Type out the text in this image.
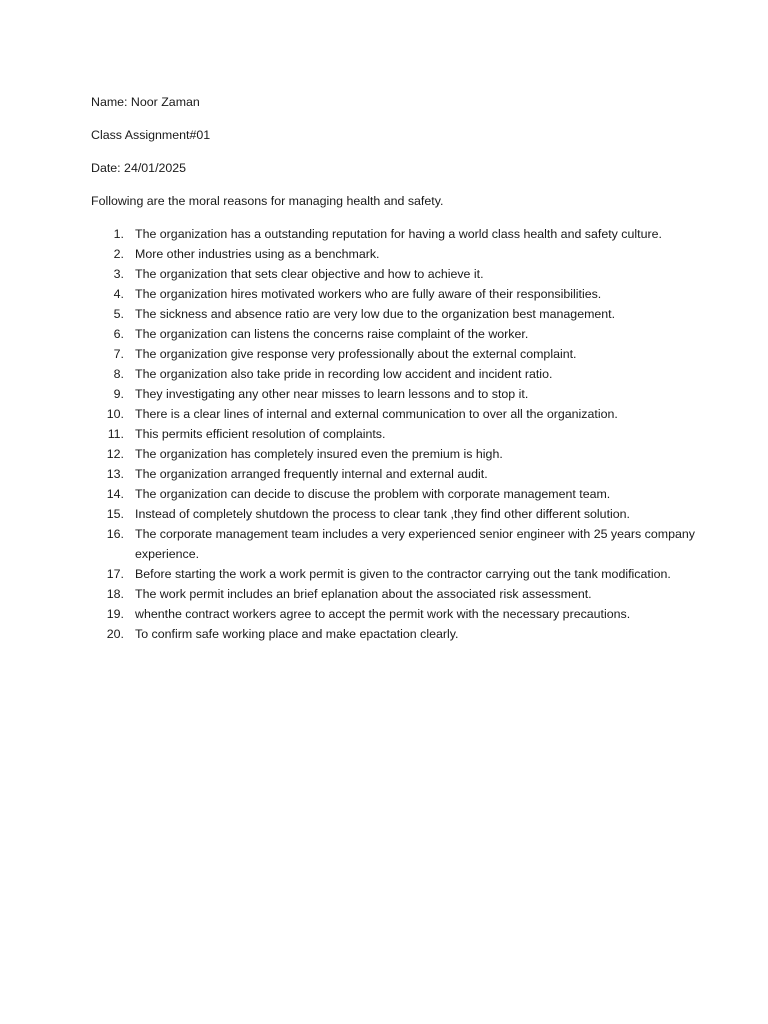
Name: Noor Zaman

Class Assignment#01

Date: 24/01/2025

Following are the moral reasons for managing health and safety.

1. The organization has a outstanding reputation for having a world class health and safety culture.
2. More other industries using as a benchmark.
3. The organization that sets clear objective and how to achieve it.
4. The organization hires motivated workers who are fully aware of their responsibilities.
5. The sickness and absence ratio are very low due to the organization best management.
6. The organization can listens the concerns raise complaint of the worker.
7. The organization give response very professionally about the external complaint.
8. The organization also take pride in recording low accident and incident ratio.
9. They investigating any other near misses to learn lessons and to stop it.
10. There is a clear lines of internal and external communication to over all the organization.
11. This permits efficient resolution of complaints.
12. The organization has completely insured even the premium is high.
13. The organization arranged frequently internal and external audit.
14. The organization can decide to discuse the problem with corporate management team.
15. Instead of completely shutdown the process to clear tank ,they find other different solution.
16. The corporate management team includes a very experienced senior engineer with 25 years company experience.
17. Before starting the work a work permit is given to the contractor carrying out the tank modification.
18. The work permit includes an brief eplanation about the associated risk assessment.
19. whenthe contract workers agree to accept the permit work with the necessary precautions.
20. To confirm safe working place and make epactation clearly.
